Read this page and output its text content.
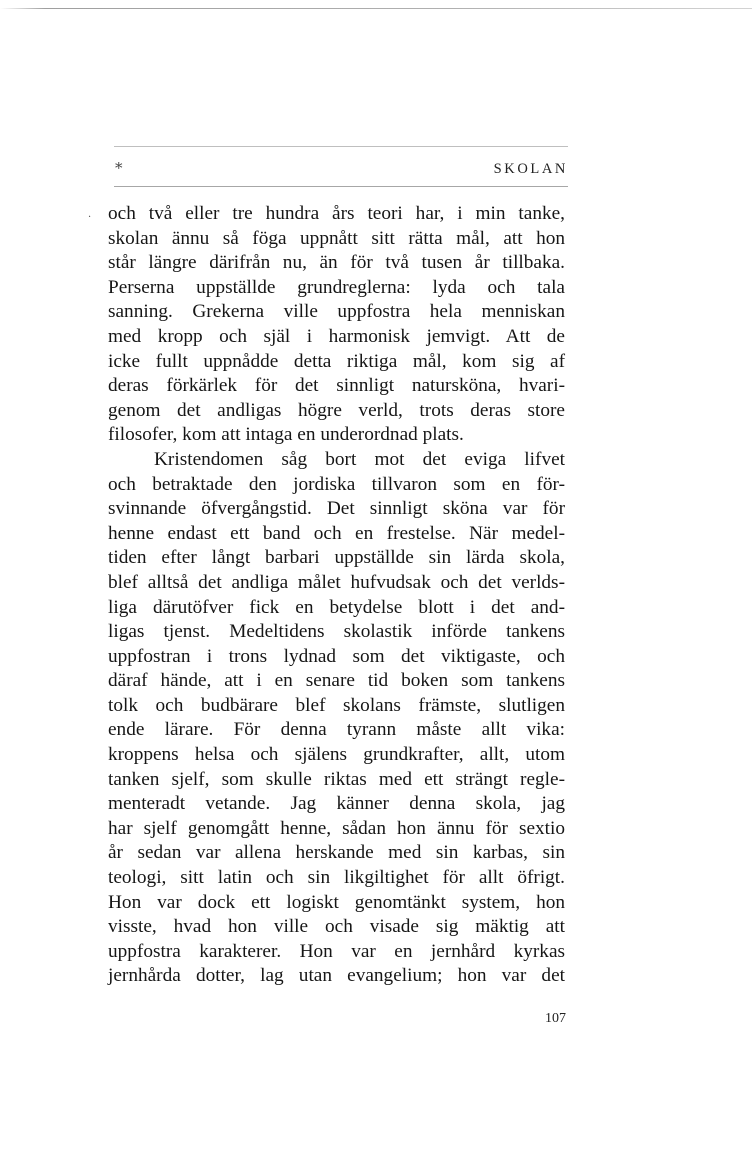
*	SKOLAN
· och två eller tre hundra års teori har, i min tanke,
skolan ännu så föga uppnått sitt rätta mål, att hon
står längre därifrån nu, än för två tusen år tillbaka.
Perserna uppställde grundreglerna: lyda och tala
sanning. Grekerna ville uppfostra hela menniskan
med kropp och själ i harmonisk jemvigt. Att de
icke fullt uppnådde detta riktiga mål, kom sig af
deras förkärlek för det sinnligt natursköna, hvari-
genom det andligas högre verld, trots deras store
filosofer, kom att intaga en underordnad plats.
Kristendomen såg bort mot det eviga lifvet
och betraktade den jordiska tillvaron som en för-
svinnande öfvergångstid. Det sinnligt sköna var för
henne endast ett band och en frestelse. När medel-
tiden efter långt barbari uppställde sin lärda skola,
blef alltså det andliga målet hufvudsak och det verlds-
liga därutöfver fick en betydelse blott i det and-
ligas tjenst. Medeltidens skolastik införde tankens
uppfostran i trons lydnad som det viktigaste, och
däraf hände, att i en senare tid boken som tankens
tolk och budbärare blef skolans främste, slutligen
ende lärare. För denna tyrann måste allt vika:
kroppens helsa och själens grundkrafter, allt, utom
tanken sjelf, som skulle riktas med ett strängt regle-
menteradt vetande. Jag känner denna skola, jag
har sjelf genomgått henne, sådan hon ännu för sextio
år sedan var allena herskande med sin karbas, sin
teologi, sitt latin och sin likgiltighet för allt öfrigt.
Hon var dock ett logiskt genomtänkt system, hon
visste, hvad hon ville och visade sig mäktig att
uppfostra karakterer. Hon var en jernhård kyrkas
jernhårda dotter, lag utan evangelium; hon var det
107
